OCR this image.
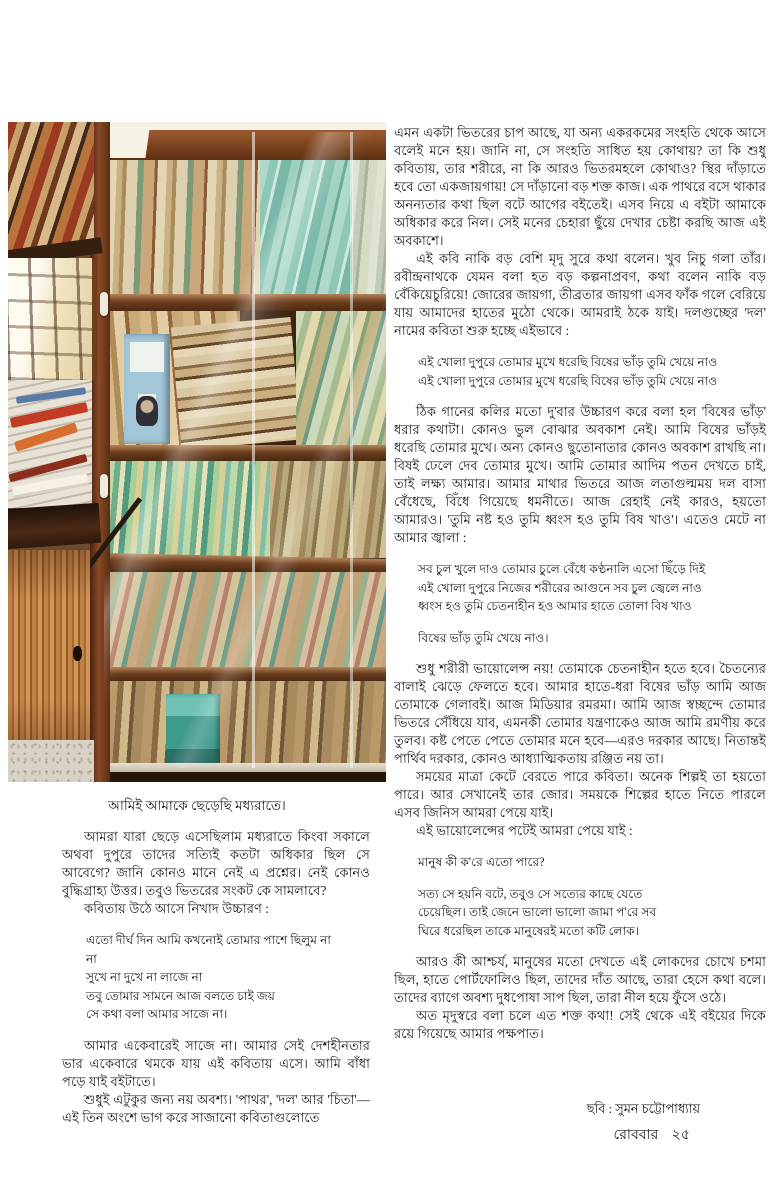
আমিই আমাকে ছেড়েছি মধ্যরাতে।

আমরা যারা ছেড়ে এসেছিলাম মধ্যরাতে কিংবা সকালে অথবা দুপুরে তাদের সত্যিই কতটা অধিকার ছিল সে আবেগে? জানি কোনও মানে নেই এ প্রশ্নের। নেই কোনও বুদ্ধিগ্রাহ্য উত্তর। তবুও ভিতরের সংকট কে সামলাবে?

কবিতায় উঠে আসে নিখাদ উচ্চারণ :

এতো দীর্ঘ দিন আমি কখনোই তোমার পাশে ছিলুম না
না
সুখে না দুখে না লাজে না
তবু তোমার সামনে আজ বলতে চাই জয়
সে কথা বলা আমার সাজে না।

আমার একেবারেই সাজে না। আমার সেই দেশহীনতার ভার একেবারে থমকে যায় এই কবিতায় এসে। আমি বাঁধা পড়ে যাই বইটাতে।

শুধুই এটুকুর জন্য নয় অবশ্য। 'পাথর', 'দল' আর 'চিতা'—এই তিন অংশে ভাগ করে সাজানো কবিতাগুলোতে

এমন একটা ভিতরের চাপ আছে, যা অন্য একরকমের সংহতি থেকে আসে বলেই মনে হয়। জানি না, সে সংহতি সাধিত হয় কোথায়? তা কি শুধু কবিতায়, তার শরীরে, না কি আরও ভিতরমহলে কোথাও? স্থির দাঁড়াতে হবে তো একজায়গায়! সে দাঁড়ানো বড় শক্ত কাজ। এক পাথরে বসে থাকার অনন্যতার কথা ছিল বটে আগের বইতেই। এসব নিয়ে এ বইটা আমাকে অধিকার করে নিল। সেই মনের চেহারা ছুঁয়ে দেখার চেষ্টা করছি আজ এই অবকাশে।

এই কবি নাকি বড় বেশি মৃদু সুরে কথা বলেন। খুব নিচু গলা তাঁর। রবীন্দ্রনাথকে যেমন বলা হত বড় কল্পনাপ্রবণ, কথা বলেন নাকি বড় বেঁকিয়েচুরিয়ে! জোরের জায়গা, তীব্রতার জায়গা এসব ফাঁক গলে বেরিয়ে যায় আমাদের হাতের মুঠো থেকে। আমরাই ঠকে যাই। দলগুচ্ছের 'দল' নামের কবিতা শুরু হচ্ছে এইভাবে :

এই খোলা দুপুরে তোমার মুখে ধরেছি বিষের ভাঁড় তুমি খেয়ে নাও
এই খোলা দুপুরে তোমার মুখে ধরেছি বিষের ভাঁড় তুমি খেয়ে নাও

ঠিক গানের কলির মতো দু'বার উচ্চারণ করে বলা হল 'বিষের ভাঁড়' ধরার কথাটা। কোনও ভুল বোঝার অবকাশ নেই। আমি বিষের ভাঁড়ই ধরেছি তোমার মুখে। অন্য কোনও ছুতোনাতার কোনও অবকাশ রাখছি না। বিষই ঢেলে দেব তোমার মুখে। আমি তোমার আদিম পতন দেখতে চাই, তাই লক্ষ্য আমার। আমার মাথার ভিতরে আজ লতাগুল্মময় দল বাসা বেঁধেছে, বিঁধে গিয়েছে ধমনীতে। আজ রেহাই নেই কারও, হয়তো আমারও। 'তুমি নষ্ট হও তুমি ধ্বংস হও তুমি বিষ খাও'। এতেও মেটে না আমার জ্বালা :

সব চুল খুলে দাও তোমার চুলে বেঁধে কণ্ঠনালি এসো ছিঁড়ে দিই
এই খোলা দুপুরে নিজের শরীরের আগুনে সব চুল জ্বেলে নাও
ধ্বংস হও তুমি চেতনাহীন হও আমার হাতে তোলা বিষ খাও
বিষের ভাঁড় তুমি খেয়ে নাও।

শুধু শরীরী ভায়োলেন্স নয়! তোমাকে চেতনাহীন হতে হবে। চৈতন্যের বালাই ঝেড়ে ফেলতে হবে। আমার হাতে-ধরা বিষের ভাঁড় আমি আজ তোমাকে গেলাবই। আজ মিডিয়ার রমরমা। আমি আজ স্বচ্ছন্দে তোমার ভিতরে সেঁধিয়ে যাব, এমনকী তোমার যন্ত্রণাকেও আজ আমি রমণীয় করে তুলব। কষ্ট পেতে পেতে তোমার মনে হবে—এরও দরকার আছে। নিতান্তই পার্থিব দরকার, কোনও আধ্যাত্মিকতায় রঞ্জিত নয় তা।

সময়ের মাত্রা কেটে বেরতে পারে কবিতা। অনেক শিল্পই তা হয়তো পারে। আর সেখানেই তার জোর। সময়কে শিল্পের হাতে নিতে পারলে এসব জিনিস আমরা পেয়ে যাই।

এই ভায়োলেন্সের পটেই আমরা পেয়ে যাই :

মানুষ কী ক'রে এতো পারে?
সত্য সে হয়নি বটে, তবুও সে সত্যের কাছে যেতে
চেয়েছিল। তাই জেনে ভালো ভালো জামা প'রে সব
ঘিরে ধরেছিল তাকে মানুষেরই মতো কটি লোক।

আরও কী আশ্চর্য, মানুষের মতো দেখতে এই লোকদের চোখে চশমা ছিল, হাতে পোর্টফোলিও ছিল, তাদের দাঁত আছে, তারা হেসে কথা বলে। তাদের ব্যাগে অবশ্য দুধপোষা সাপ ছিল, তারা নীল হয়ে ফুঁসে ওঠে।

অত মৃদুস্বরে বলা চলে এত শক্ত কথা! সেই থেকে এই বইয়ের দিকে রয়ে গিয়েছে আমার পক্ষপাত।

ছবি : সুমন চট্টোপাধ্যায়
রোববার ২৫
